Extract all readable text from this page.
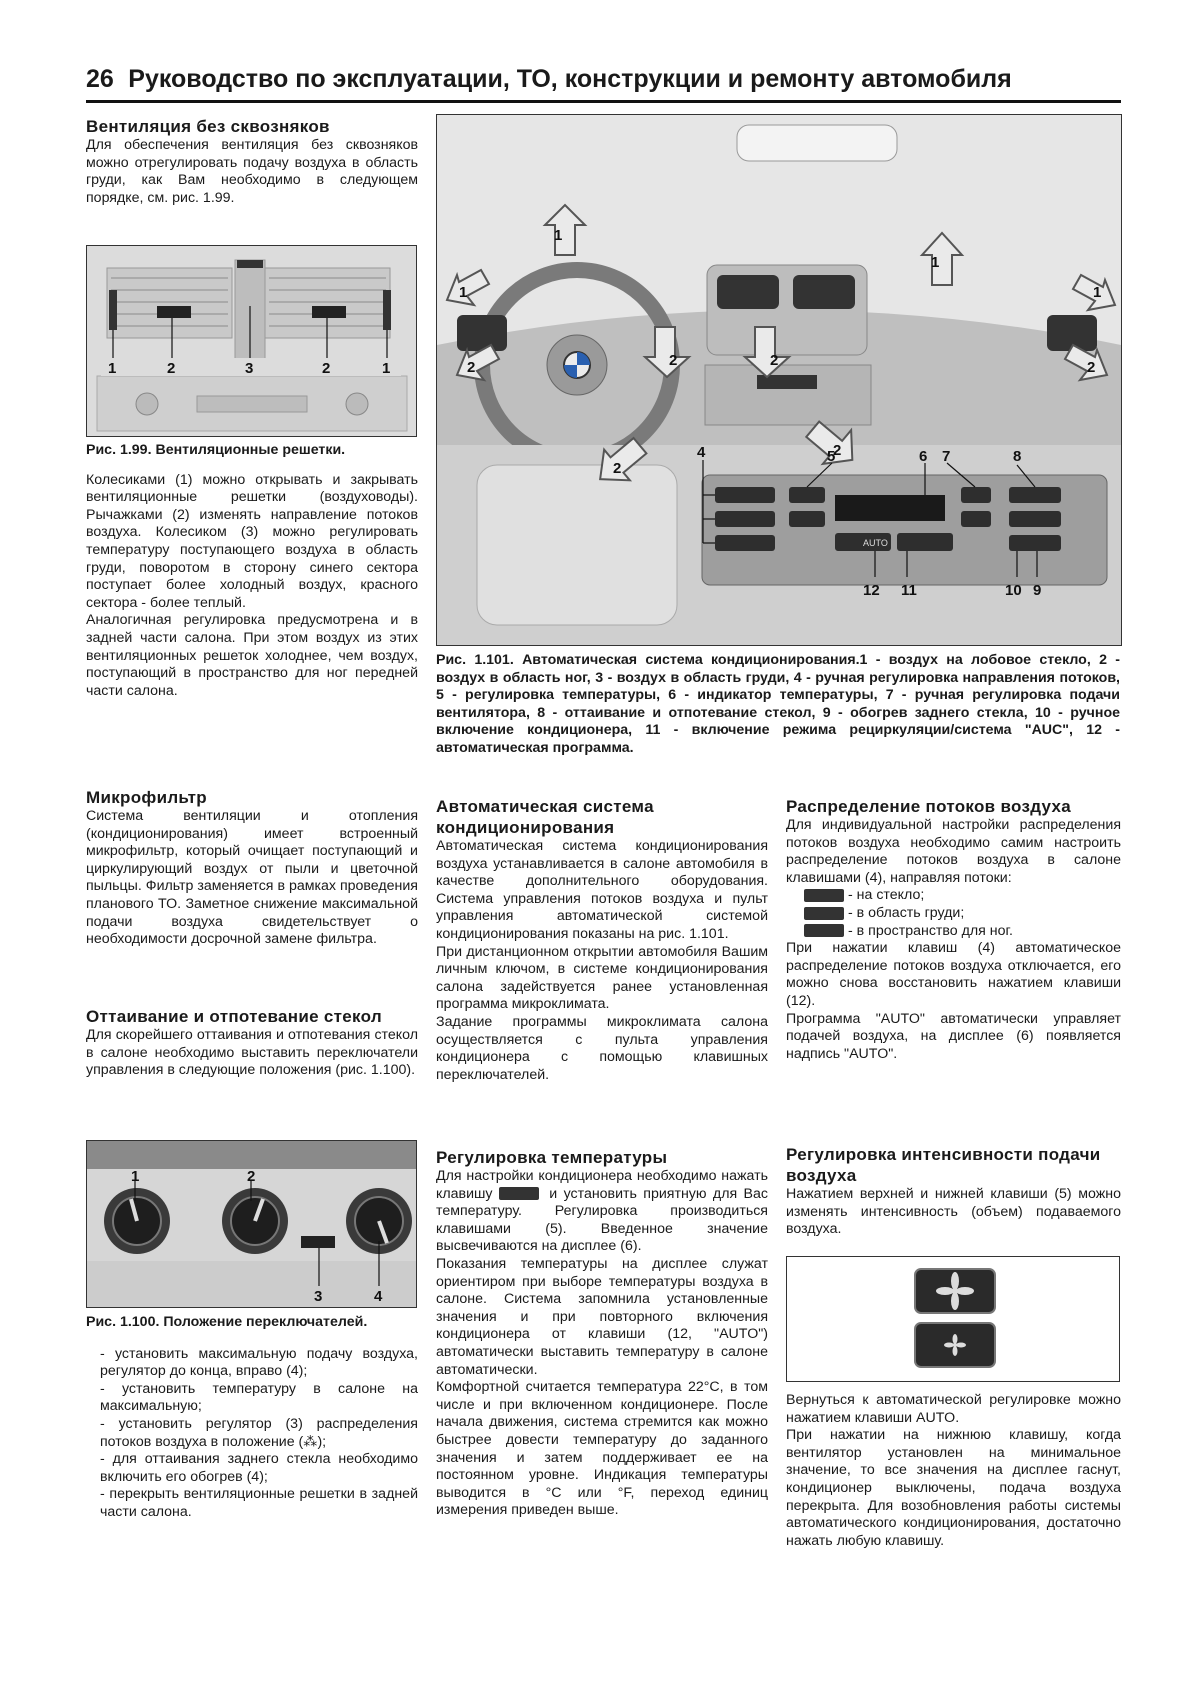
26 Руководство по эксплуатации, ТО, конструкции и ремонту автомобиля
Вентиляция без сквозняков

Для обеспечения вентиляция без сквозняков можно отрегулировать подачу воздуха в область груди, как Вам необходимо в следующем порядке, см. рис. 1.99.

1	2	3	2	1

Рис. 1.99. Вентиляционные решетки.

Колесиками (1) можно открывать и закрывать вентиляционные решетки (воздуховоды). Рычажками (2) изменять направление потоков воздуха. Колесиком (3) можно регулировать температуру поступающего воздуха в область груди, поворотом в сторону синего сектора поступает более холодный воздух, красного сектора - более теплый.

Аналогичная регулировка предусмотрена и в задней части салона. При этом воздух из этих вентиляционных решеток холоднее, чем воздух, поступающий в пространство для ног передней части салона.

Микрофильтр

Система вентиляции и отопления (кондиционирования) имеет встроенный микрофильтр, который очищает поступающий и циркулирующий воздух от пыли и цветочной пыльцы. Фильтр заменяется в рамках проведения планового ТО. Заметное снижение максимальной подачи воздуха свидетельствует о необходимости досрочной замене фильтра.

Оттаивание и отпотевание стекол

Для скорейшего оттаивания и отпотевания стекол в салоне необходимо выставить переключатели управления в следующие положения (рис. 1.100).

1	2
3	4

Рис. 1.100. Положение переключателей.

- установить максимальную подачу воздуха, регулятор до конца, вправо (4);

- установить температуру в салоне на максимальную;

- установить регулятор (3) распределения потоков воздуха в положение (⁂);

- для оттаивания заднего стекла необходимо включить его обогрев (4);

- перекрыть вентиляционные решетки в задней части салона.

AUTO
1
1
1
1
2	2
2	2
2
2
4	5	6 7	8
12 11	10 9

Рис. 1.101. Автоматическая система кондиционирования.1 - воздух на лобовое стекло, 2 - воздух в область ног, 3 - воздух в область груди, 4 - ручная регулировка направления потоков, 5 - регулировка температуры, 6 - индикатор температуры, 7 - ручная регулировка подачи вентилятора, 8 - оттаивание и отпотевание стекол, 9 - обогрев заднего стекла, 10 - ручное включение кондиционера, 11 - включение режима рециркуляции/система "AUC", 12 - автоматическая программа.

Автоматическая система кондиционирования

Автоматическая система кондиционирования воздуха устанавливается в салоне автомобиля в качестве дополнительного оборудования. Система управления потоков воздуха и пульт управления автоматической системой кондиционирования показаны на рис. 1.101.

При дистанционном открытии автомобиля Вашим личным ключом, в системе кондиционирования салона задействуется ранее установленная программа микроклимата.

Задание программы микроклимата салона осуществляется с пульта управления кондиционера с помощью клавишных переключателей.

Регулировка температуры

Для настройки кондиционера необходимо нажать клавишу	и установить приятную для Вас температуру. Регулировка производиться клавишами (5). Введенное значение высвечиваются на дисплее (6).

Показания температуры на дисплее служат ориентиром при выборе температуры воздуха в салоне. Система запомнила установленные значения и при повторного включения кондиционера от клавиши (12, "AUTO") автоматически выставить температуру в салоне автоматически.

Комфортной считается температура 22°C, в том числе и при включенном кондиционере. После начала движения, система стремится как можно быстрее довести температуру до заданного значения и затем поддерживает ее на постоянном уровне. Индикация температуры выводится в °C или °F, переход единиц измерения приведен выше.

Распределение потоков воздуха

Для индивидуальной настройки распределения потоков воздуха необходимо самим настроить распределение потоков воздуха в салоне клавишами (4), направляя потоки:

- на стекло;

- в область груди;

- в пространство для ног.

При нажатии клавиш (4) автоматическое распределение потоков воздуха отключается, его можно снова восстановить нажатием клавиши (12).

Программа "AUTO" автоматически управляет подачей воздуха, на дисплее (6) появляется надпись "AUTO".

Регулировка интенсивности подачи воздуха

Нажатием верхней и нижней клавиши (5) можно изменять интенсивность (объем) подаваемого воздуха.

Вернуться к автоматической регулировке можно нажатием клавиши AUTO.

При нажатии на нижнюю клавишу, когда вентилятор установлен на минимальное значение, то все значения на дисплее гаснут, кондиционер выключены, подача воздуха перекрыта. Для возобновления работы системы автоматического кондиционирования, достаточно нажать любую клавишу.
